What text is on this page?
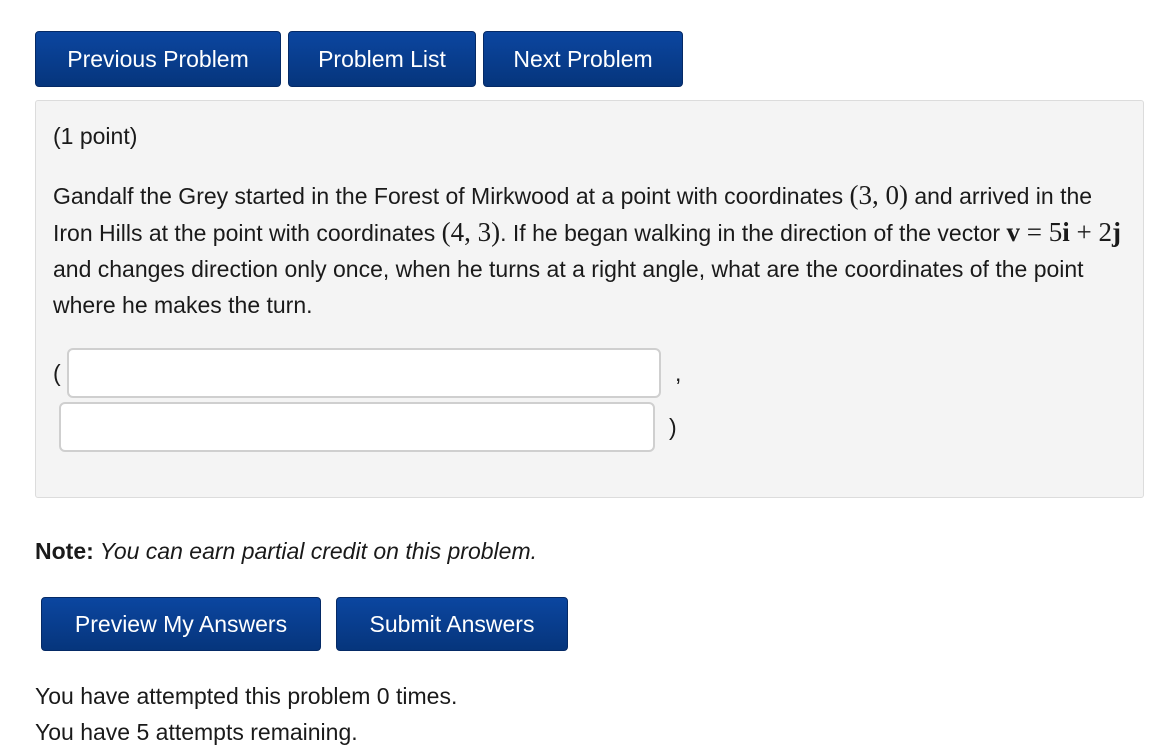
Previous Problem	Problem List	Next Problem
(1 point)
Gandalf the Grey started in the Forest of Mirkwood at a point with coordinates (3, 0) and arrived in the Iron Hills at the point with coordinates (4, 3). If he began walking in the direction of the vector v = 5i + 2j and changes direction only once, when he turns at a right angle, what are the coordinates of the point where he makes the turn.
(	,
)
Note: You can earn partial credit on this problem.
Preview My Answers	Submit Answers
You have attempted this problem 0 times.
You have 5 attempts remaining.
